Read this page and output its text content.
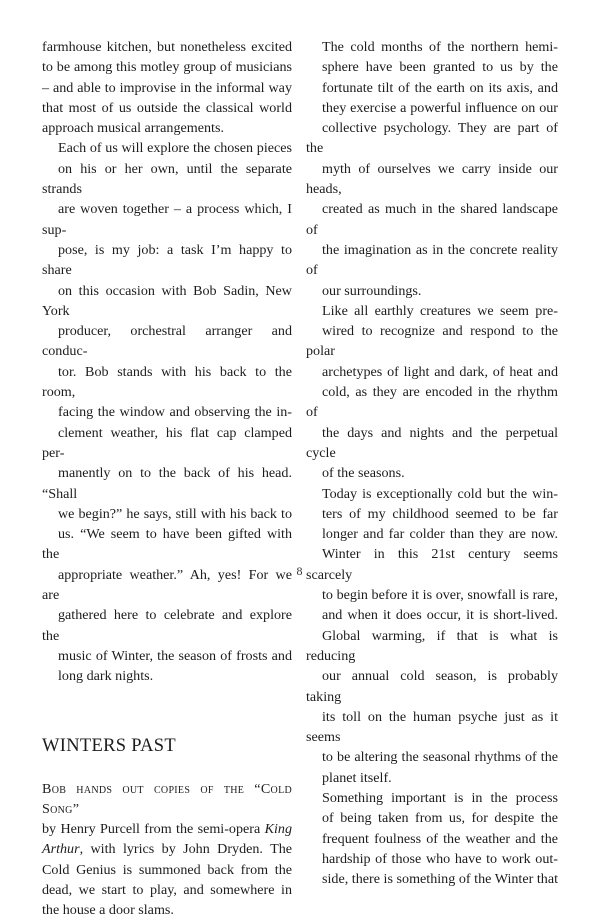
farmhouse kitchen, but nonetheless excited
to be among this motley group of musicians
– and able to improvise in the informal way
that most of us outside the classical world
approach musical arrangements.

Each of us will explore the chosen pieces
on his or her own, until the separate strands
are woven together – a process which, I sup-
pose, is my job: a task I’m happy to share
on this occasion with Bob Sadin, New York
producer, orchestral arranger and conduc-
tor. Bob stands with his back to the room,
facing the window and observing the in-
clement weather, his flat cap clamped per-
manently on to the back of his head. “Shall
we begin?” he says, still with his back to
us. “We seem to have been gifted with the
appropriate weather.” Ah, yes! For we are
gathered here to celebrate and explore the
music of Winter, the season of frosts and
long dark nights.

WINTERS PAST

Bob hands out copies of the “Cold Song”
by Henry Purcell from the semi-opera King
Arthur, with lyrics by John Dryden. The
Cold Genius is summoned back from the
dead, we start to play, and somewhere in
the house a door slams.

The cold months of the northern hemi-
sphere have been granted to us by the
fortunate tilt of the earth on its axis, and
they exercise a powerful influence on our
collective psychology. They are part of the
myth of ourselves we carry inside our heads,
created as much in the shared landscape of
the imagination as in the concrete reality of
our surroundings.

Like all earthly creatures we seem pre-
wired to recognize and respond to the polar
archetypes of light and dark, of heat and
cold, as they are encoded in the rhythm of
the days and nights and the perpetual cycle
of the seasons.

Today is exceptionally cold but the win-
ters of my childhood seemed to be far
longer and far colder than they are now.
Winter in this 21st century seems scarcely
to begin before it is over, snowfall is rare,
and when it does occur, it is short-lived.
Global warming, if that is what is reducing
our annual cold season, is probably taking
its toll on the human psyche just as it seems
to be altering the seasonal rhythms of the
planet itself.

Something important is in the process
of being taken from us, for despite the
frequent foulness of the weather and the
hardship of those who have to work out-
side, there is something of the Winter that

8
